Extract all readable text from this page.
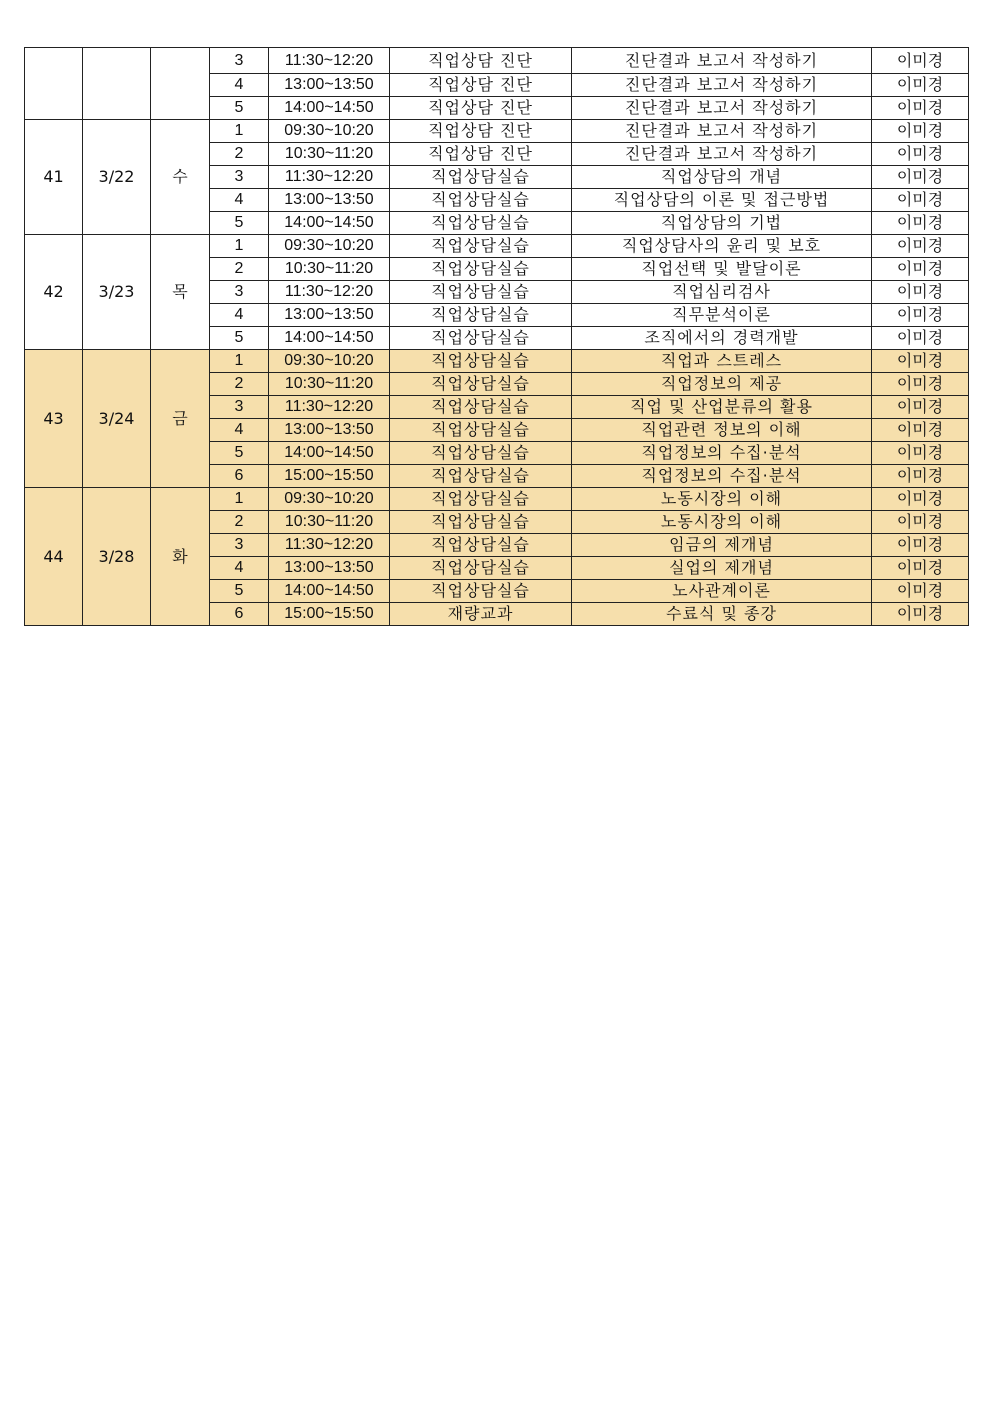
			3	11:30~12:20	직업상담 진단	진단결과 보고서 작성하기	이미경
			4	13:00~13:50	직업상담 진단	진단결과 보고서 작성하기	이미경
			5	14:00~14:50	직업상담 진단	진단결과 보고서 작성하기	이미경
41	3/22	수	1	09:30~10:20	직업상담 진단	진단결과 보고서 작성하기	이미경
			2	10:30~11:20	직업상담 진단	진단결과 보고서 작성하기	이미경
			3	11:30~12:20	직업상담실습	직업상담의 개념	이미경
			4	13:00~13:50	직업상담실습	직업상담의 이론 및 접근방법	이미경
			5	14:00~14:50	직업상담실습	직업상담의 기법	이미경
42	3/23	목	1	09:30~10:20	직업상담실습	직업상담사의 윤리 및 보호	이미경
			2	10:30~11:20	직업상담실습	직업선택 및 발달이론	이미경
			3	11:30~12:20	직업상담실습	직업심리검사	이미경
			4	13:00~13:50	직업상담실습	직무분석이론	이미경
			5	14:00~14:50	직업상담실습	조직에서의 경력개발	이미경
43	3/24	금	1	09:30~10:20	직업상담실습	직업과 스트레스	이미경
			2	10:30~11:20	직업상담실습	직업정보의 제공	이미경
			3	11:30~12:20	직업상담실습	직업 및 산업분류의 활용	이미경
			4	13:00~13:50	직업상담실습	직업관련 정보의 이해	이미경
			5	14:00~14:50	직업상담실습	직업정보의 수집·분석	이미경
			6	15:00~15:50	직업상담실습	직업정보의 수집·분석	이미경
44	3/28	화	1	09:30~10:20	직업상담실습	노동시장의 이해	이미경
			2	10:30~11:20	직업상담실습	노동시장의 이해	이미경
			3	11:30~12:20	직업상담실습	임금의 제개념	이미경
			4	13:00~13:50	직업상담실습	실업의 제개념	이미경
			5	14:00~14:50	직업상담실습	노사관계이론	이미경
			6	15:00~15:50	재량교과	수료식 및 종강	이미경
